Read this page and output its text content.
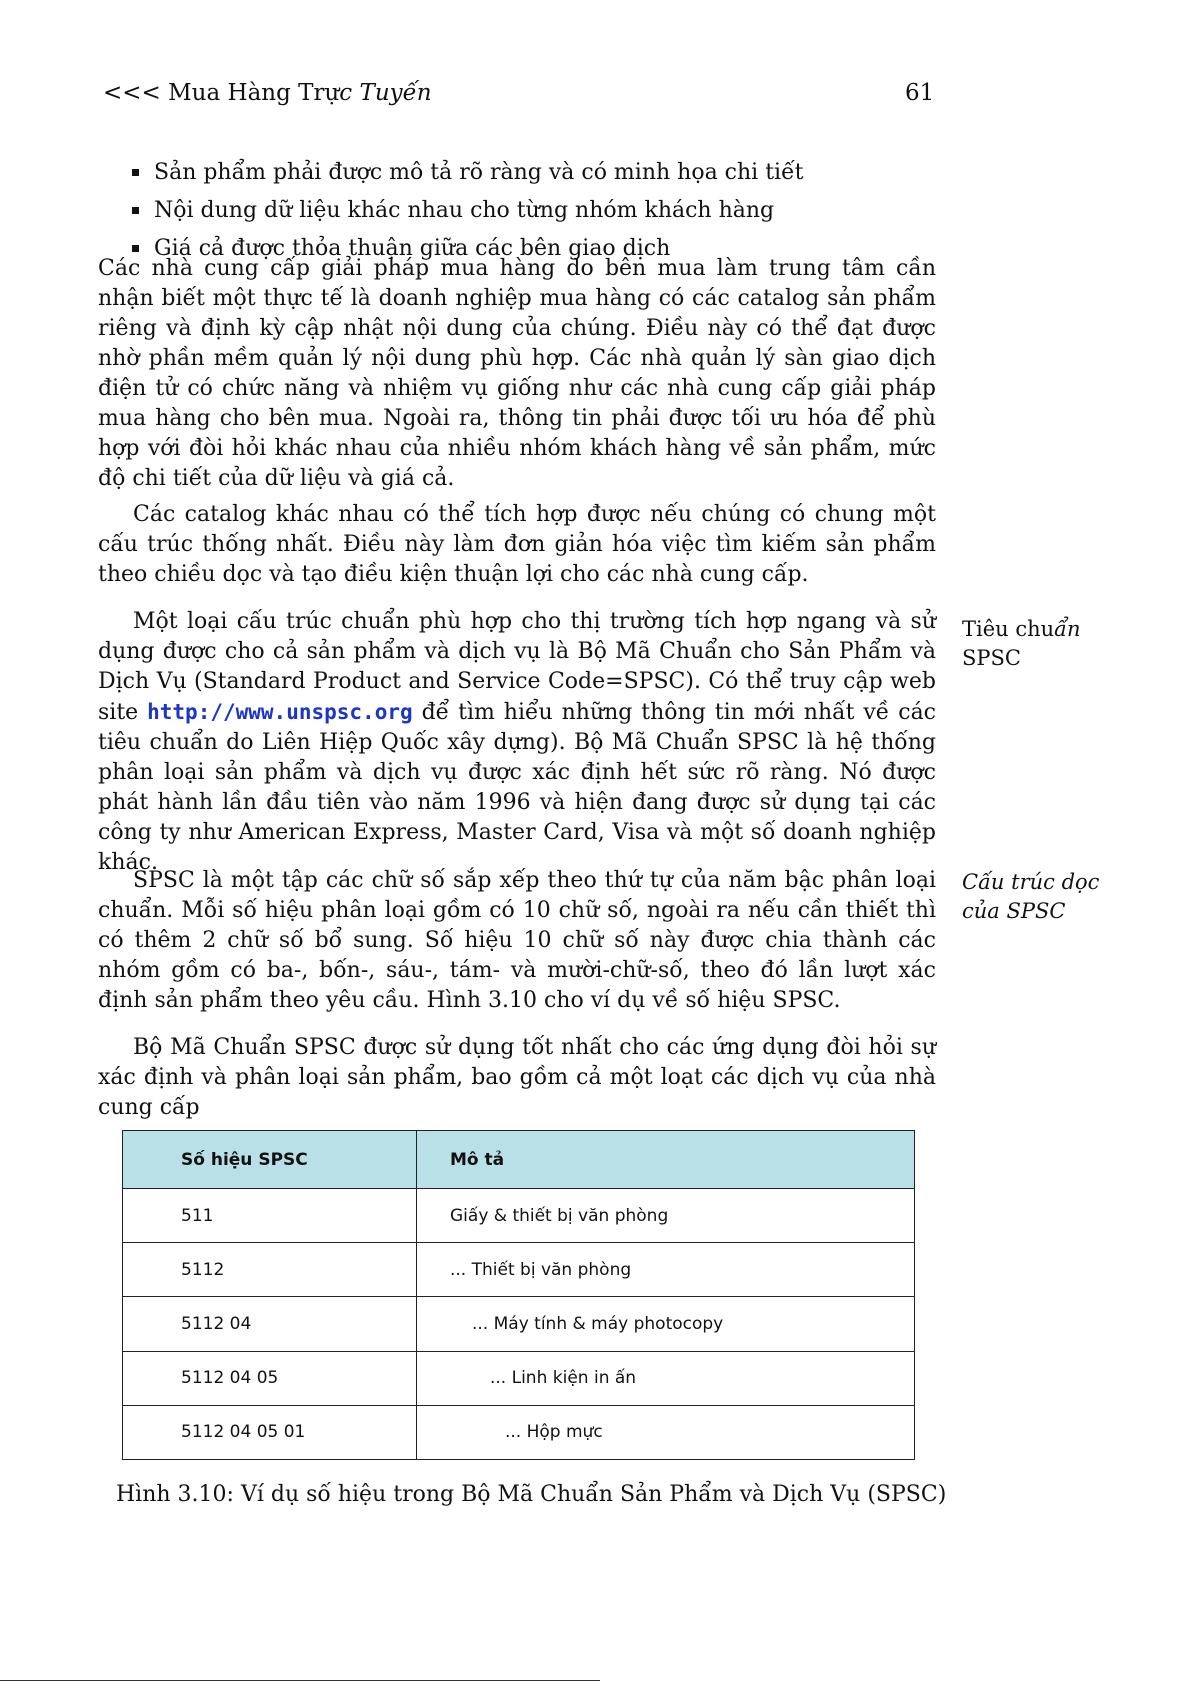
<<< Mua Hàng Trực Tuyến	61
Sản phẩm phải được mô tả rõ ràng và có minh họa chi tiết
Nội dung dữ liệu khác nhau cho từng nhóm khách hàng
Giá cả được thỏa thuận giữa các bên giao dịch

Các nhà cung cấp giải pháp mua hàng do bên mua làm trung tâm cần nhận biết một thực tế là doanh nghiệp mua hàng có các catalog sản phẩm riêng và định kỳ cập nhật nội dung của chúng. Điều này có thể đạt được nhờ phần mềm quản lý nội dung phù hợp. Các nhà quản lý sàn giao dịch điện tử có chức năng và nhiệm vụ giống như các nhà cung cấp giải pháp mua hàng cho bên mua. Ngoài ra, thông tin phải được tối ưu hóa để phù hợp với đòi hỏi khác nhau của nhiều nhóm khách hàng về sản phẩm, mức độ chi tiết của dữ liệu và giá cả.

Các catalog khác nhau có thể tích hợp được nếu chúng có chung một cấu trúc thống nhất. Điều này làm đơn giản hóa việc tìm kiếm sản phẩm theo chiều dọc và tạo điều kiện thuận lợi cho các nhà cung cấp.

Một loại cấu trúc chuẩn phù hợp cho thị trường tích hợp ngang và sử dụng được cho cả sản phẩm và dịch vụ là Bộ Mã Chuẩn cho Sản Phẩm và Dịch Vụ (Standard Product and Service Code=SPSC). Có thể truy cập web site http://www.unspsc.org để tìm hiểu những thông tin mới nhất về các tiêu chuẩn do Liên Hiệp Quốc xây dựng). Bộ Mã Chuẩn SPSC là hệ thống phân loại sản phẩm và dịch vụ được xác định hết sức rõ ràng. Nó được phát hành lần đầu tiên vào năm 1996 và hiện đang được sử dụng tại các công ty như American Express, Master Card, Visa và một số doanh nghiệp khác.

SPSC là một tập các chữ số sắp xếp theo thứ tự của năm bậc phân loại chuẩn. Mỗi số hiệu phân loại gồm có 10 chữ số, ngoài ra nếu cần thiết thì có thêm 2 chữ số bổ sung. Số hiệu 10 chữ số này được chia thành các nhóm gồm có ba-, bốn-, sáu-, tám- và mười-chữ-số, theo đó lần lượt xác định sản phẩm theo yêu cầu. Hình 3.10 cho ví dụ về số hiệu SPSC.

Bộ Mã Chuẩn SPSC được sử dụng tốt nhất cho các ứng dụng đòi hỏi sự xác định và phân loại sản phẩm, bao gồm cả một loạt các dịch vụ của nhà cung cấp

Tiêu chuẩn
SPSC
Cấu trúc dọc
của SPSC
Số hiệu SPSC	Mô tả
511	Giấy & thiết bị văn phòng
5112	... Thiết bị văn phòng
5112 04	... Máy tính & máy photocopy
5112 04 05	... Linh kiện in ấn
5112 04 05 01	... Hộp mực
Hình 3.10: Ví dụ số hiệu trong Bộ Mã Chuẩn Sản Phẩm và Dịch Vụ (SPSC)
